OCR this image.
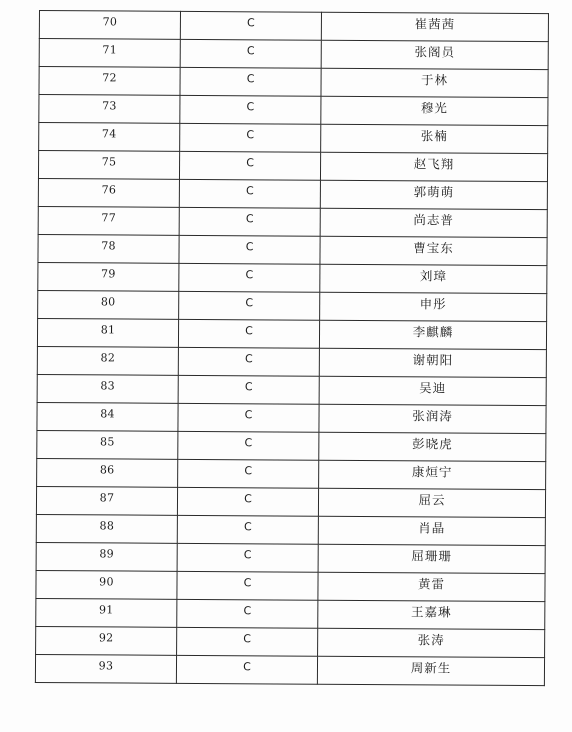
70	C	崔茜茜
71	C	张阁员
72	C	于林
73	C	穆光
74	C	张楠
75	C	赵飞翔
76	C	郭萌萌
77	C	尚志普
78	C	曹宝东
79	C	刘璋
80	C	申彤
81	C	李麒麟
82	C	谢朝阳
83	C	吴迪
84	C	张润涛
85	C	彭晓虎
86	C	康烜宁
87	C	屈云
88	C	肖晶
89	C	屈珊珊
90	C	黄雷
91	C	王嘉琳
92	C	张涛
93	C	周新生
